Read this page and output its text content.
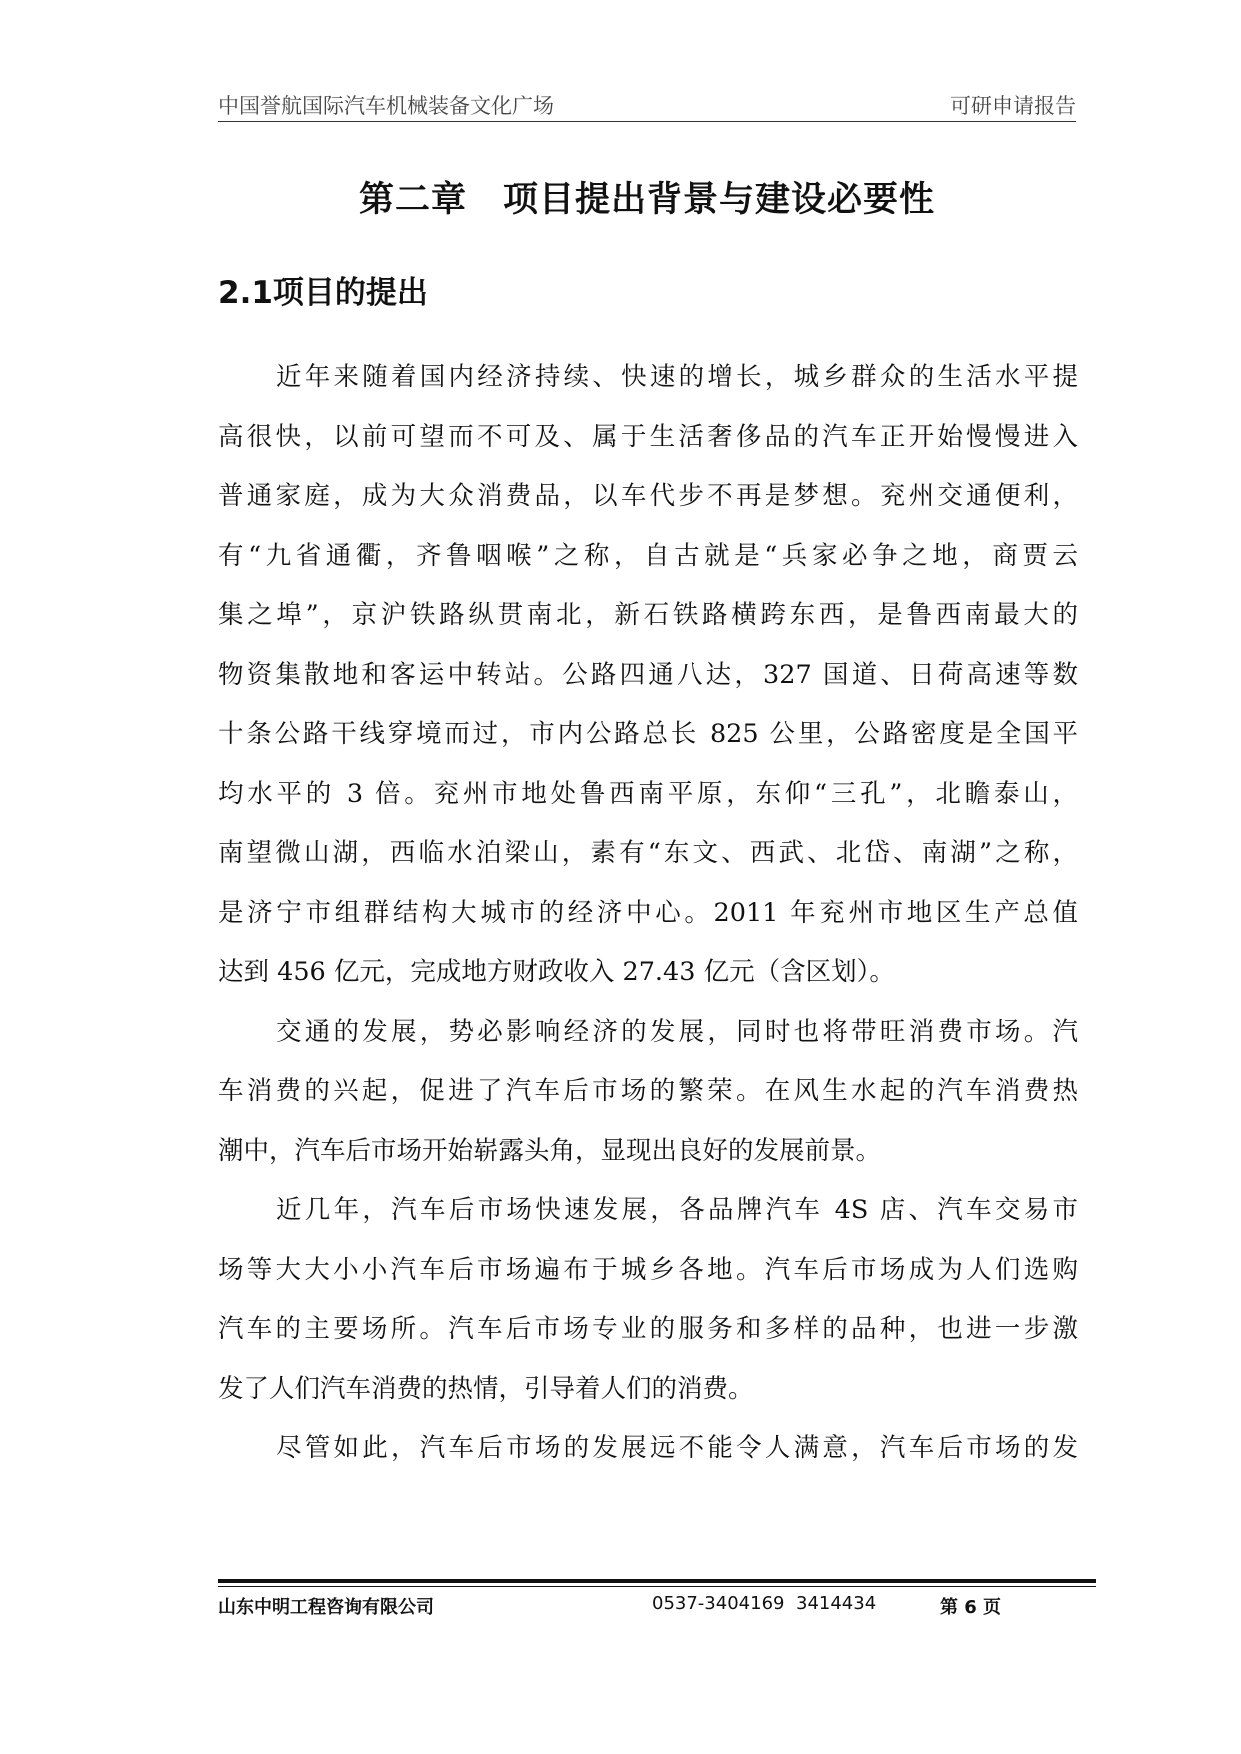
中国誉航国际汽车机械装备文化广场	可研申请报告
第二章　项目提出背景与建设必要性
2.1项目的提出
近年来随着国内经济持续、快速的增长，城乡群众的生活水平提
高很快，以前可望而不可及、属于生活奢侈品的汽车正开始慢慢进入
普通家庭，成为大众消费品，以车代步不再是梦想。兖州交通便利，
有“九省通衢，齐鲁咽喉”之称，自古就是“兵家必争之地，商贾云
集之埠”，京沪铁路纵贯南北，新石铁路横跨东西，是鲁西南最大的
物资集散地和客运中转站。公路四通八达，327 国道、日荷高速等数
十条公路干线穿境而过，市内公路总长 825 公里，公路密度是全国平
均水平的 3 倍。兖州市地处鲁西南平原，东仰“三孔”，北瞻泰山，
南望微山湖，西临水泊梁山，素有“东文、西武、北岱、南湖”之称，
是济宁市组群结构大城市的经济中心。2011 年兖州市地区生产总值
达到 456 亿元，完成地方财政收入 27.43 亿元（含区划）。
交通的发展，势必影响经济的发展，同时也将带旺消费市场。汽
车消费的兴起，促进了汽车后市场的繁荣。在风生水起的汽车消费热
潮中，汽车后市场开始崭露头角，显现出良好的发展前景。
近几年，汽车后市场快速发展，各品牌汽车 4S 店、汽车交易市
场等大大小小汽车后市场遍布于城乡各地。汽车后市场成为人们选购
汽车的主要场所。汽车后市场专业的服务和多样的品种，也进一步激
发了人们汽车消费的热情，引导着人们的消费。
尽管如此，汽车后市场的发展远不能令人满意，汽车后市场的发
山东中明工程咨询有限公司	0537-3404169 3414434	第 6 页
